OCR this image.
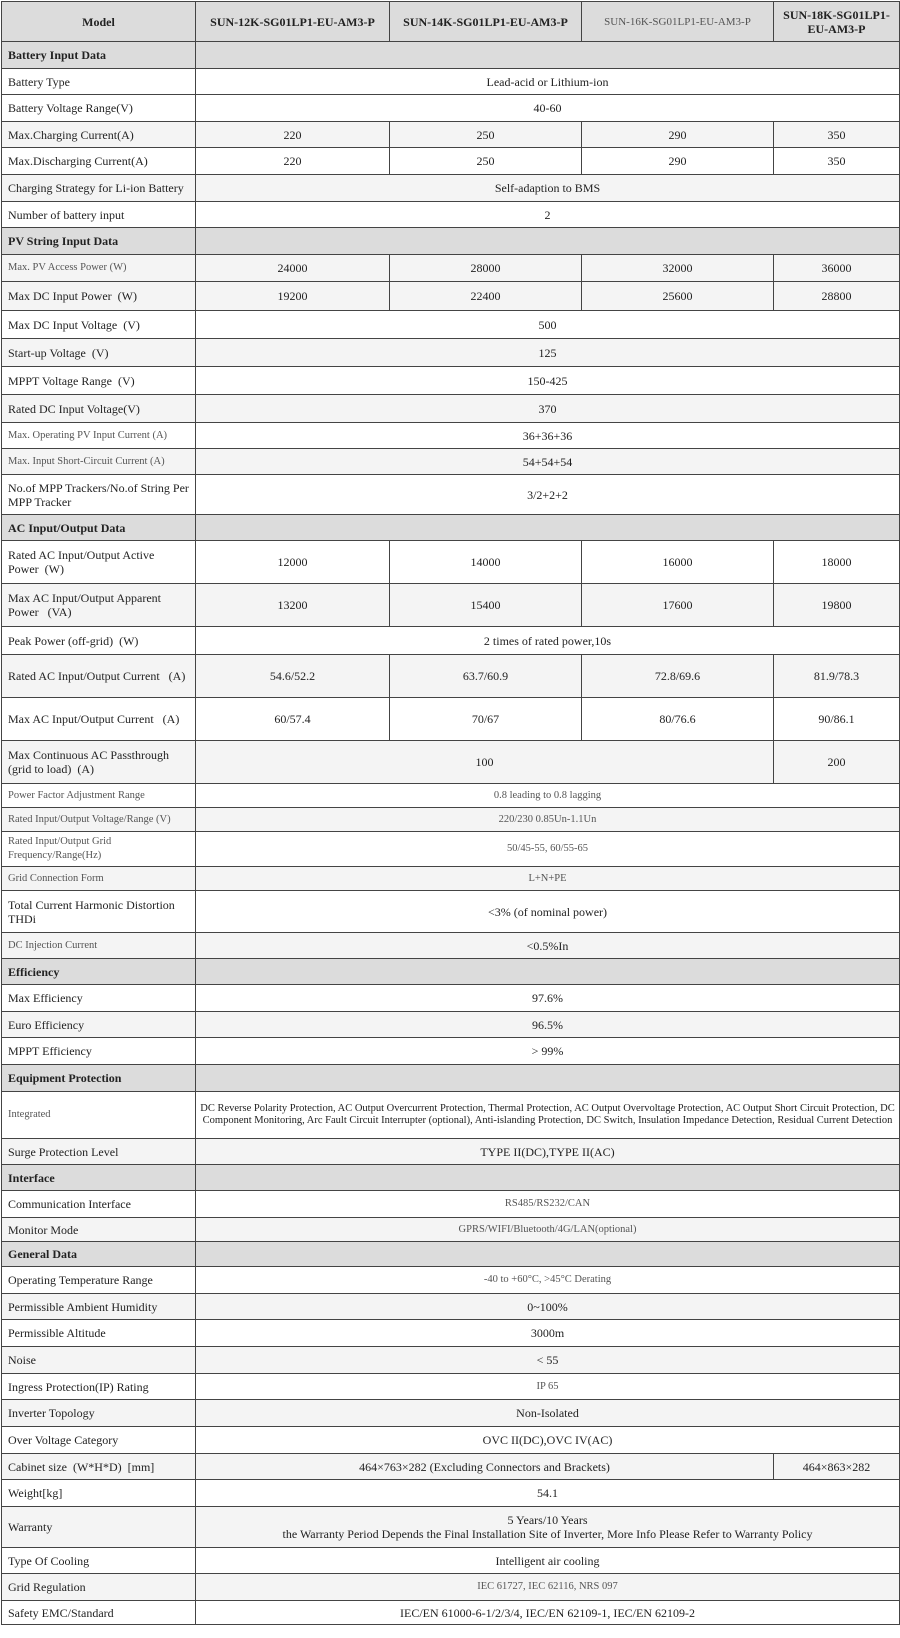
Model	SUN-12K-SG01LP1-EU-AM3-P	SUN-14K-SG01LP1-EU-AM3-P	SUN-16K-SG01LP1-EU-AM3-P	SUN-18K-SG01LP1-EU-AM3-P
Battery Input Data				
Battery Type	Lead-acid or Lithium-ion			
Battery Voltage Range(V)	40-60			
Max.Charging Current(A)	220	250	290	350
Max.Discharging Current(A)	220	250	290	350
Charging Strategy for Li-ion Battery	Self-adaption to BMS			
Number of battery input	2			
PV String Input Data				
Max. PV Access Power (W)	24000	28000	32000	36000
Max DC Input Power  (W)	19200	22400	25600	28800
Max DC Input Voltage  (V)	500			
Start-up Voltage  (V)	125			
MPPT Voltage Range  (V)	150-425			
Rated DC Input Voltage(V)	370			
Max. Operating PV Input Current (A)	36+36+36			
Max. Input Short-Circuit Current (A)	54+54+54			
No.of MPP Trackers/No.of String Per MPP Tracker	3/2+2+2			
AC Input/Output Data				
Rated AC Input/Output Active Power  (W)	12000	14000	16000	18000
Max AC Input/Output Apparent Power   (VA)	13200	15400	17600	19800
Peak Power (off-grid)  (W)	2 times of rated power,10s			
Rated AC Input/Output Current   (A)	54.6/52.2	63.7/60.9	72.8/69.6	81.9/78.3
Max AC Input/Output Current   (A)	60/57.4	70/67	80/76.6	90/86.1
Max Continuous AC Passthrough (grid to load)  (A)	100			200
Power Factor Adjustment Range	0.8 leading to 0.8 lagging			
Rated Input/Output Voltage/Range (V)	220/230 0.85Un-1.1Un			
Rated Input/Output Grid Frequency/Range(Hz)	50/45-55, 60/55-65			
Grid Connection Form	L+N+PE			
Total Current Harmonic Distortion THDi	<3% (of nominal power)			
DC Injection Current	<0.5%In			
Efficiency				
Max Efficiency	97.6%			
Euro Efficiency	96.5%			
MPPT Efficiency	> 99%			
Equipment Protection				
Integrated	DC Reverse Polarity Protection, AC Output Overcurrent Protection, Thermal Protection, AC Output Overvoltage Protection, AC Output Short Circuit Protection, DC Component Monitoring, Arc Fault Circuit Interrupter (optional), Anti-islanding Protection, DC Switch, Insulation Impedance Detection, Residual Current Detection			
Surge Protection Level	TYPE II(DC),TYPE II(AC)			
Interface				
Communication Interface	RS485/RS232/CAN			
Monitor Mode	GPRS/WIFI/Bluetooth/4G/LAN(optional)			
General Data				
Operating Temperature Range	-40 to +60°C, >45°C Derating			
Permissible Ambient Humidity	0~100%			
Permissible Altitude	3000m			
Noise	< 55			
Ingress Protection(IP) Rating	IP 65			
Inverter Topology	Non-Isolated			
Over Voltage Category	OVC II(DC),OVC IV(AC)			
Cabinet size  (W*H*D)  [mm]	464×763×282 (Excluding Connectors and Brackets)			464×863×282
Weight[kg]	54.1			
Warranty	5 Years/10 Years
the Warranty Period Depends the Final Installation Site of Inverter, More Info Please Refer to Warranty Policy			

Type Of Cooling	Intelligent air cooling			
Grid Regulation	IEC 61727, IEC 62116, NRS 097			
Safety EMC/Standard	IEC/EN 61000-6-1/2/3/4, IEC/EN 62109-1, IEC/EN 62109-2			
